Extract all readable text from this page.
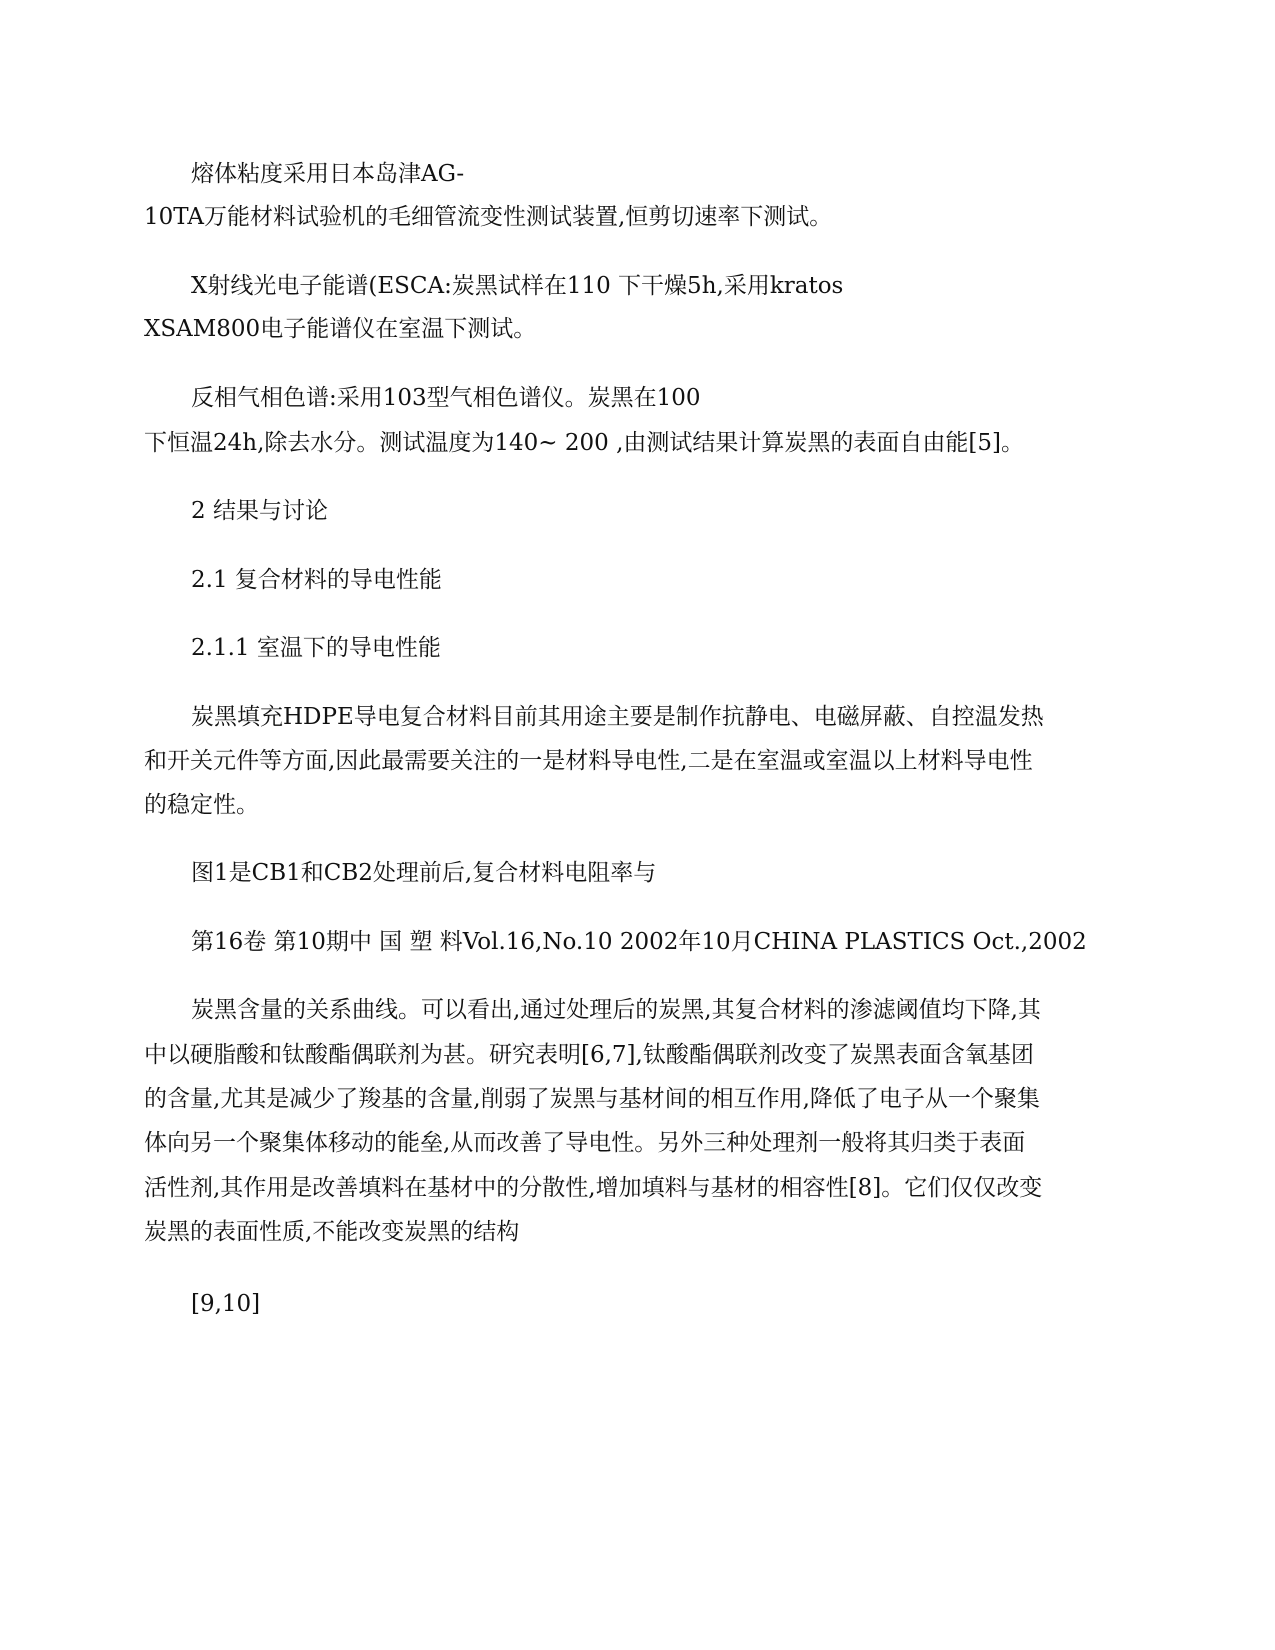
熔体粘度采用日本岛津AG-
10TA万能材料试验机的毛细管流变性测试装置,恒剪切速率下测试。
X射线光电子能谱(ESCA:炭黑试样在110 下干燥5h,采用kratos
XSAM800电子能谱仪在室温下测试。
反相气相色谱:采用103型气相色谱仪。炭黑在100
下恒温24h,除去水分。测试温度为140~ 200 ,由测试结果计算炭黑的表面自由能[5]。
2 结果与讨论
2.1 复合材料的导电性能
2.1.1 室温下的导电性能
炭黑填充HDPE导电复合材料目前其用途主要是制作抗静电、电磁屏蔽、自控温发热
和开关元件等方面,因此最需要关注的一是材料导电性,二是在室温或室温以上材料导电性
的稳定性。
图1是CB1和CB2处理前后,复合材料电阻率与
第16卷 第10期中 国 塑 料Vol.16,No.10 2002年10月CHINA PLASTICS Oct.,2002
炭黑含量的关系曲线。可以看出,通过处理后的炭黑,其复合材料的渗滤阈值均下降,其
中以硬脂酸和钛酸酯偶联剂为甚。研究表明[6,7],钛酸酯偶联剂改变了炭黑表面含氧基团
的含量,尤其是减少了羧基的含量,削弱了炭黑与基材间的相互作用,降低了电子从一个聚集
体向另一个聚集体移动的能垒,从而改善了导电性。另外三种处理剂一般将其归类于表面
活性剂,其作用是改善填料在基材中的分散性,增加填料与基材的相容性[8]。它们仅仅改变
炭黑的表面性质,不能改变炭黑的结构
[9,10]
